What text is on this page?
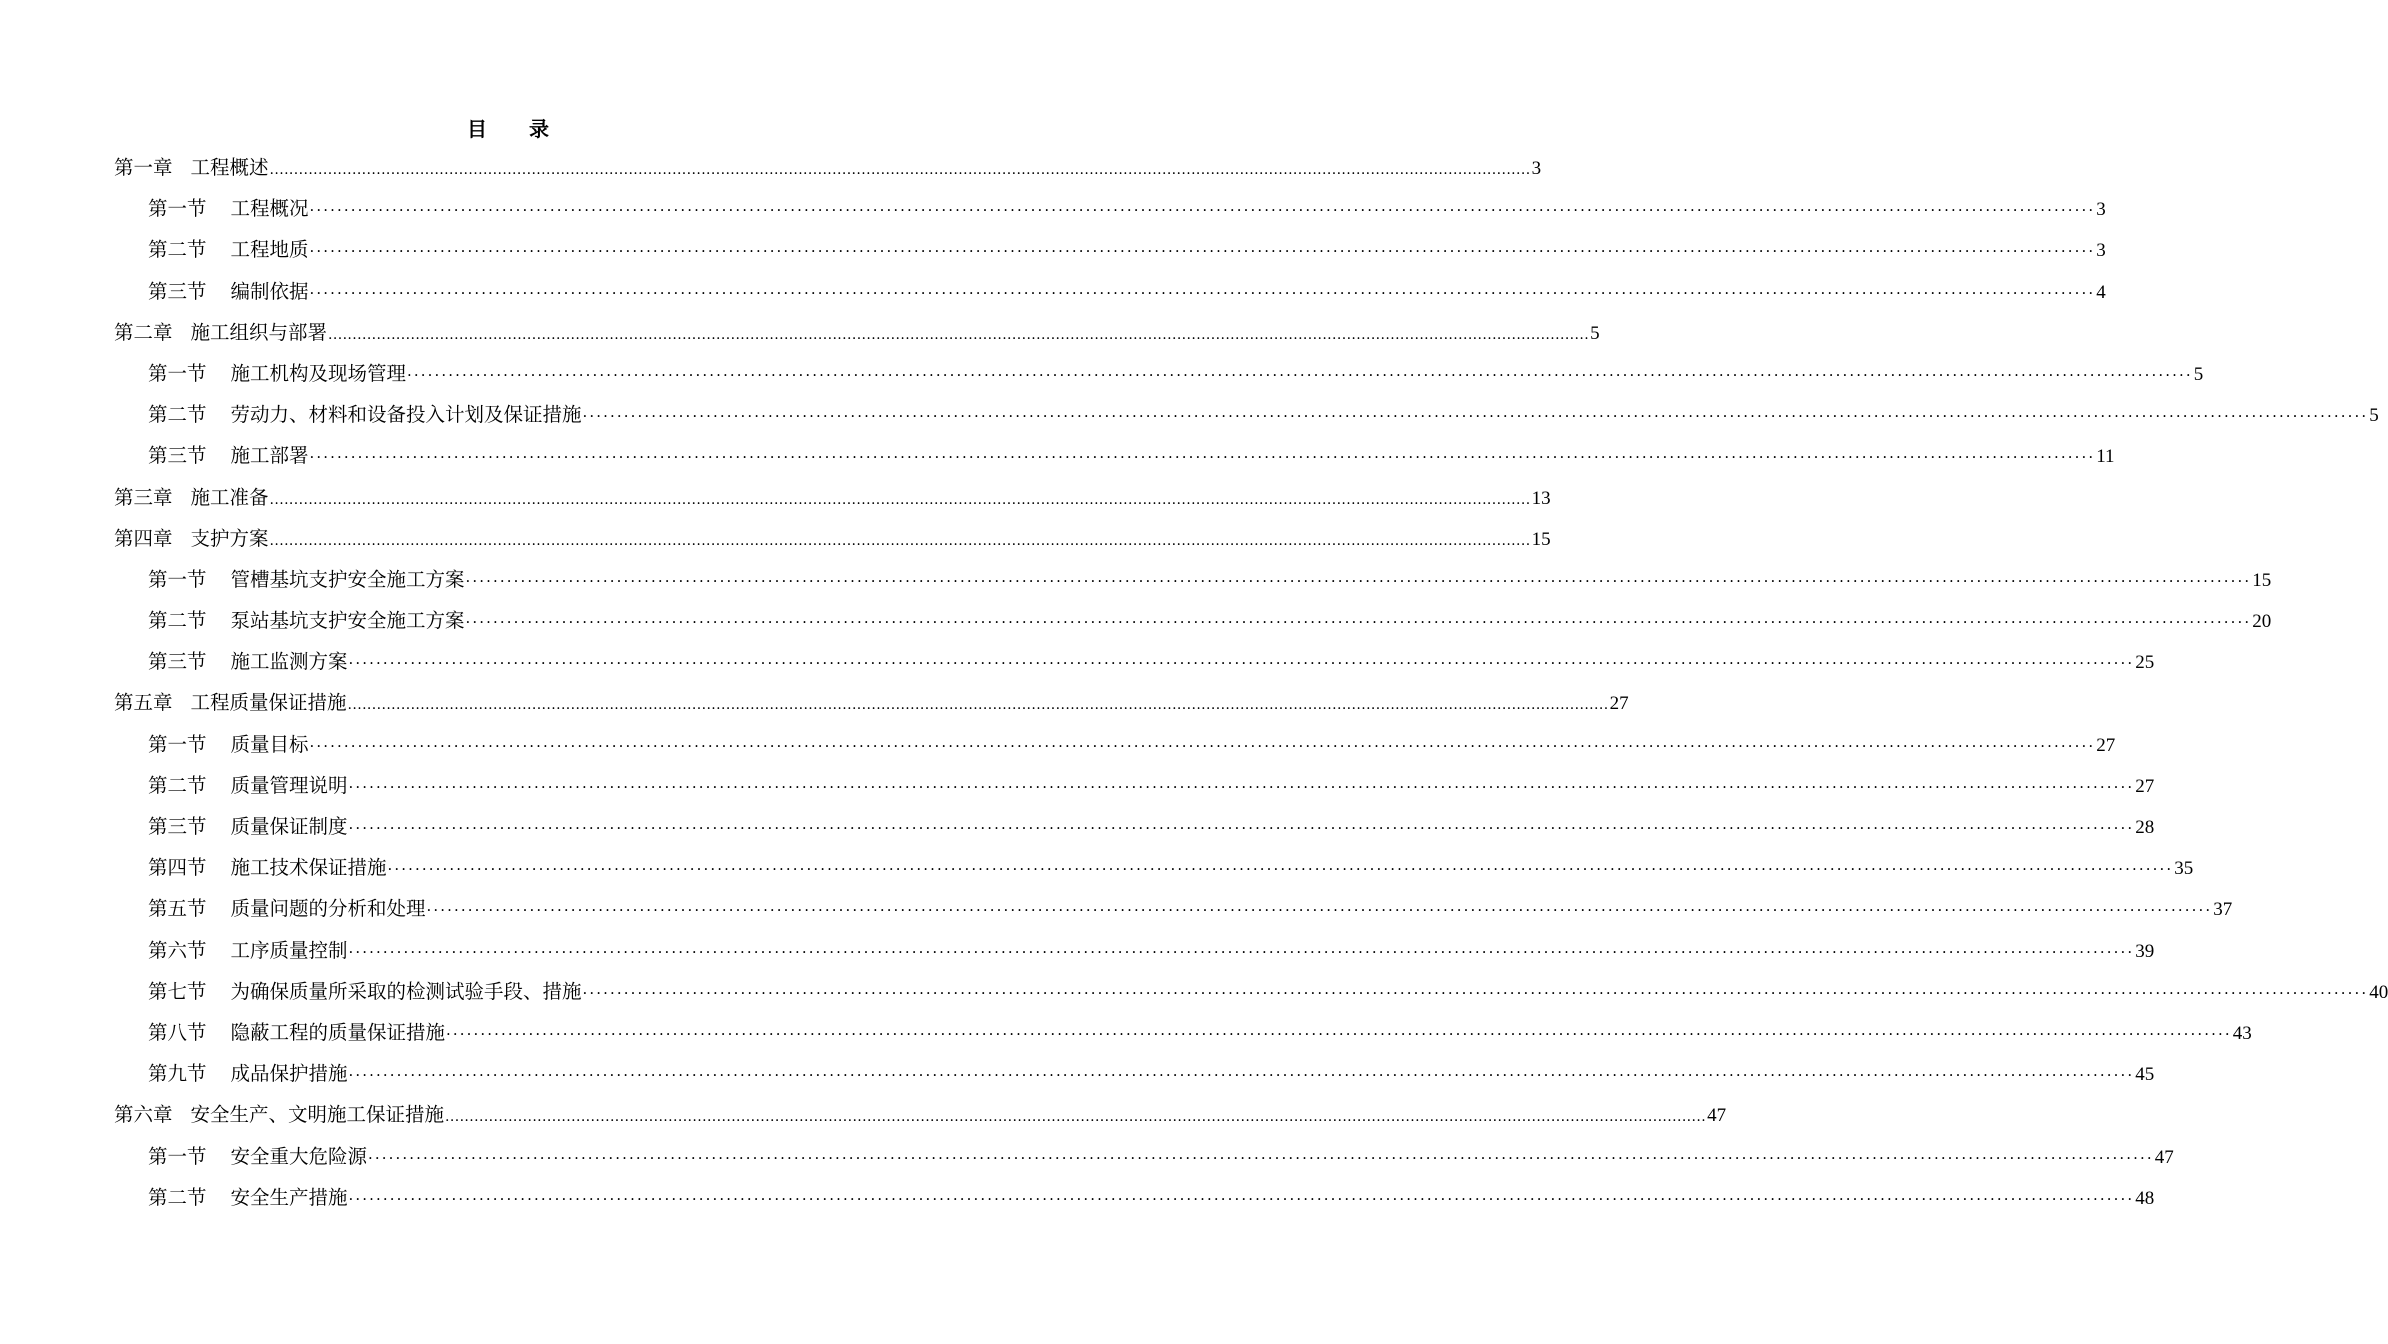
目 录
第一章 工程概述 .................................................................................................................................................................................................................................................................... 3
第一节 工程概况 ···································································································································································································································································· 3
第二节 工程地质 ···································································································································································································································································· 3
第三节 编制依据 ···································································································································································································································································· 4
第二章 施工组织与部署 .................................................................................................................................................................................................................................................................... 5
第一节 施工机构及现场管理 ···································································································································································································································································· 5
第二节 劳动力、材料和设备投入计划及保证措施 ···································································································································································································································································· 5
第三节 施工部署 ···································································································································································································································································· 11
第三章 施工准备 .................................................................................................................................................................................................................................................................... 13
第四章 支护方案 .................................................................................................................................................................................................................................................................... 15
第一节 管槽基坑支护安全施工方案 ···································································································································································································································································· 15
第二节 泵站基坑支护安全施工方案 ···································································································································································································································································· 20
第三节 施工监测方案 ···································································································································································································································································· 25
第五章 工程质量保证措施 .................................................................................................................................................................................................................................................................... 27
第一节 质量目标 ···································································································································································································································································· 27
第二节 质量管理说明 ···································································································································································································································································· 27
第三节 质量保证制度 ···································································································································································································································································· 28
第四节 施工技术保证措施 ···································································································································································································································································· 35
第五节 质量问题的分析和处理 ···································································································································································································································································· 37
第六节 工序质量控制 ···································································································································································································································································· 39
第七节 为确保质量所采取的检测试验手段、措施 ···································································································································································································································································· 40
第八节 隐蔽工程的质量保证措施 ···································································································································································································································································· 43
第九节 成品保护措施 ···································································································································································································································································· 45
第六章 安全生产、文明施工保证措施 .................................................................................................................................................................................................................................................................... 47
第一节 安全重大危险源 ···································································································································································································································································· 47
第二节 安全生产措施 ···································································································································································································································································· 48
